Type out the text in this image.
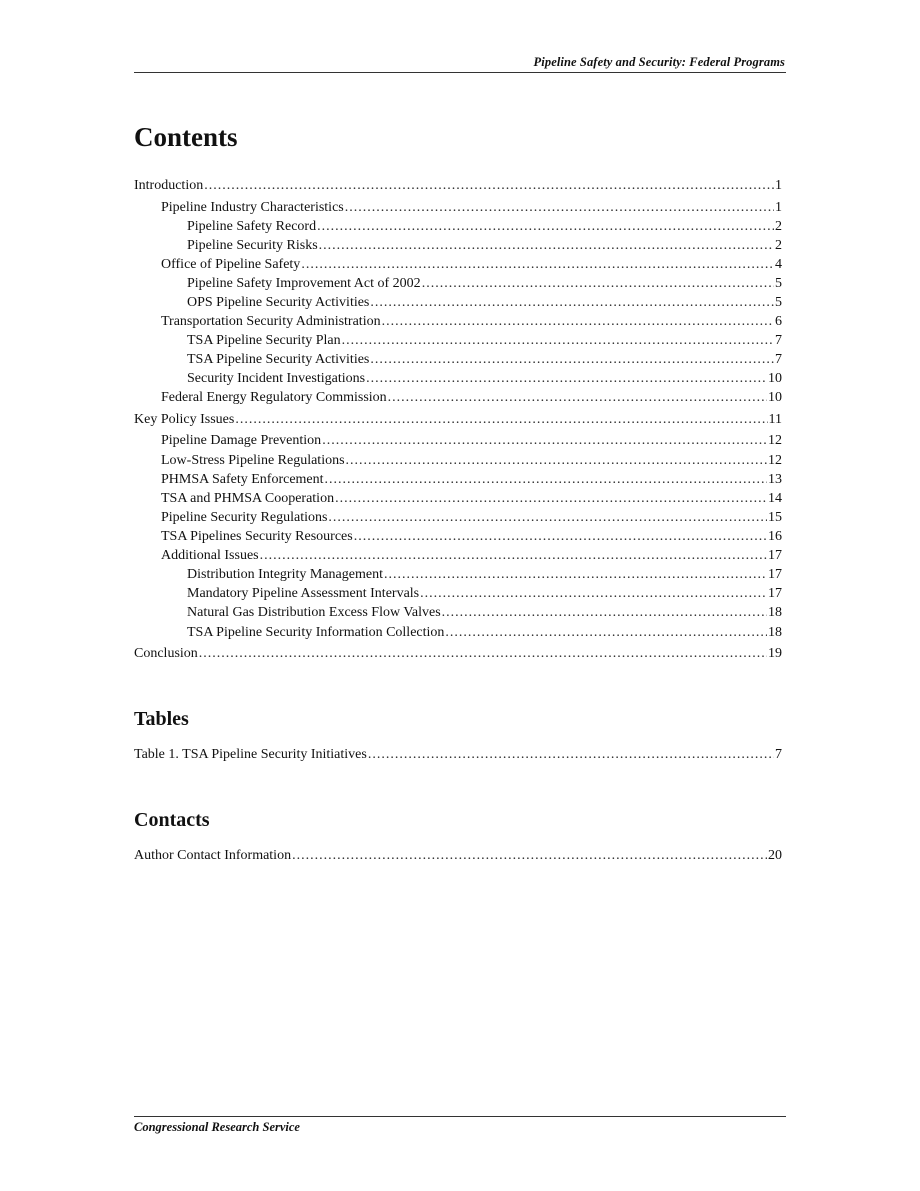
Pipeline Safety and Security: Federal Programs
Contents
Introduction .....	1
Pipeline Industry Characteristics .....	1
Pipeline Safety Record .....	2
Pipeline Security Risks .....	2
Office of Pipeline Safety .....	4
Pipeline Safety Improvement Act of 2002 .....	5
OPS Pipeline Security Activities .....	5
Transportation Security Administration .....	6
TSA Pipeline Security Plan .....	7
TSA Pipeline Security Activities .....	7
Security Incident Investigations .....	10
Federal Energy Regulatory Commission .....	10
Key Policy Issues .....	11
Pipeline Damage Prevention .....	12
Low-Stress Pipeline Regulations .....	12
PHMSA Safety Enforcement .....	13
TSA and PHMSA Cooperation .....	14
Pipeline Security Regulations .....	15
TSA Pipelines Security Resources .....	16
Additional Issues .....	17
Distribution Integrity Management .....	17
Mandatory Pipeline Assessment Intervals .....	17
Natural Gas Distribution Excess Flow Valves .....	18
TSA Pipeline Security Information Collection .....	18
Conclusion .....	19
Tables
Table 1. TSA Pipeline Security Initiatives .....	7
Contacts
Author Contact Information .....	20
Congressional Research Service
